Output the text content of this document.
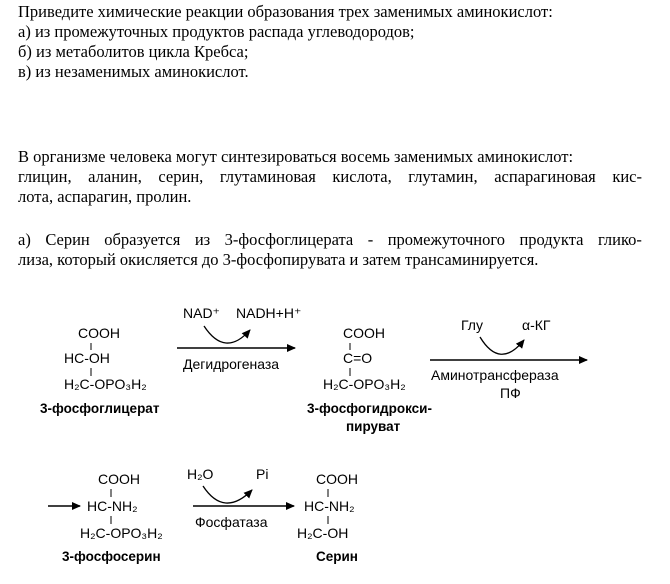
Приведите химические реакции образования трех заменимых аминокислот:

а) из промежуточных продуктов распада углеводородов;

б) из метаболитов цикла Кребса;

в) из незаменимых аминокислот.

В организме человека могут синтезироваться восемь заменимых аминокислот:

глицин, аланин, серин, глутаминовая кислота, глутамин, аспарагиновая кис-

лота, аспарагин, пролин.

а) Серин образуется из 3-фосфоглицерата - промежуточного продукта глико-

лиза, который окисляется до 3-фосфопирувата и затем трансаминируется.

COOH
HC-OH
H₂C-OPO₃H₂
3-фосфоглицерат
NAD⁺ NADH+H⁺
Дегидрогеназа
COOH
C=O
H₂C-OPO₃H₂
3-фосфогидрокси-
пируват
Глу	α-КГ
Аминотрансфераза
ПФ
COOH
HC-NH₂
H₂C-OPO₃H₂
3-фосфосерин
H₂O	Pi
Фосфатаза
COOH
HC-NH₂
H₂C-OH
Серин
